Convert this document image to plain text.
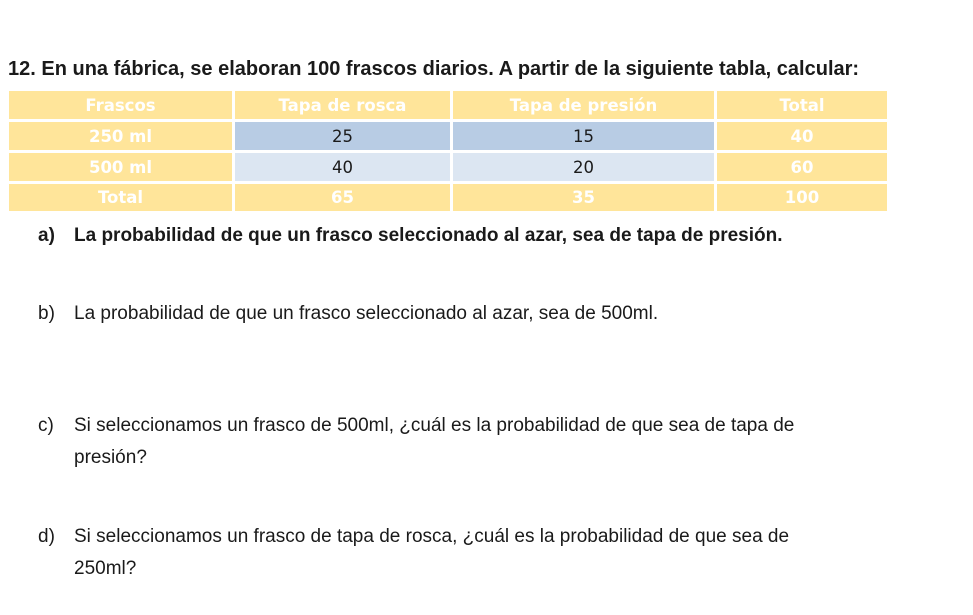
12. En una fábrica, se elaboran 100 frascos diarios. A partir de la siguiente tabla, calcular:
Frascos	Tapa de rosca	Tapa de presión	Total
250 ml	25	15	40
500 ml	40	20	60
Total	65	35	100
a) La probabilidad de que un frasco seleccionado al azar, sea de tapa de presión.
b) La probabilidad de que un frasco seleccionado al azar, sea de 500ml.
c) Si seleccionamos un frasco de 500ml, ¿cuál es la probabilidad de que sea de tapa de
presión?
d) Si seleccionamos un frasco de tapa de rosca, ¿cuál es la probabilidad de que sea de
250ml?
